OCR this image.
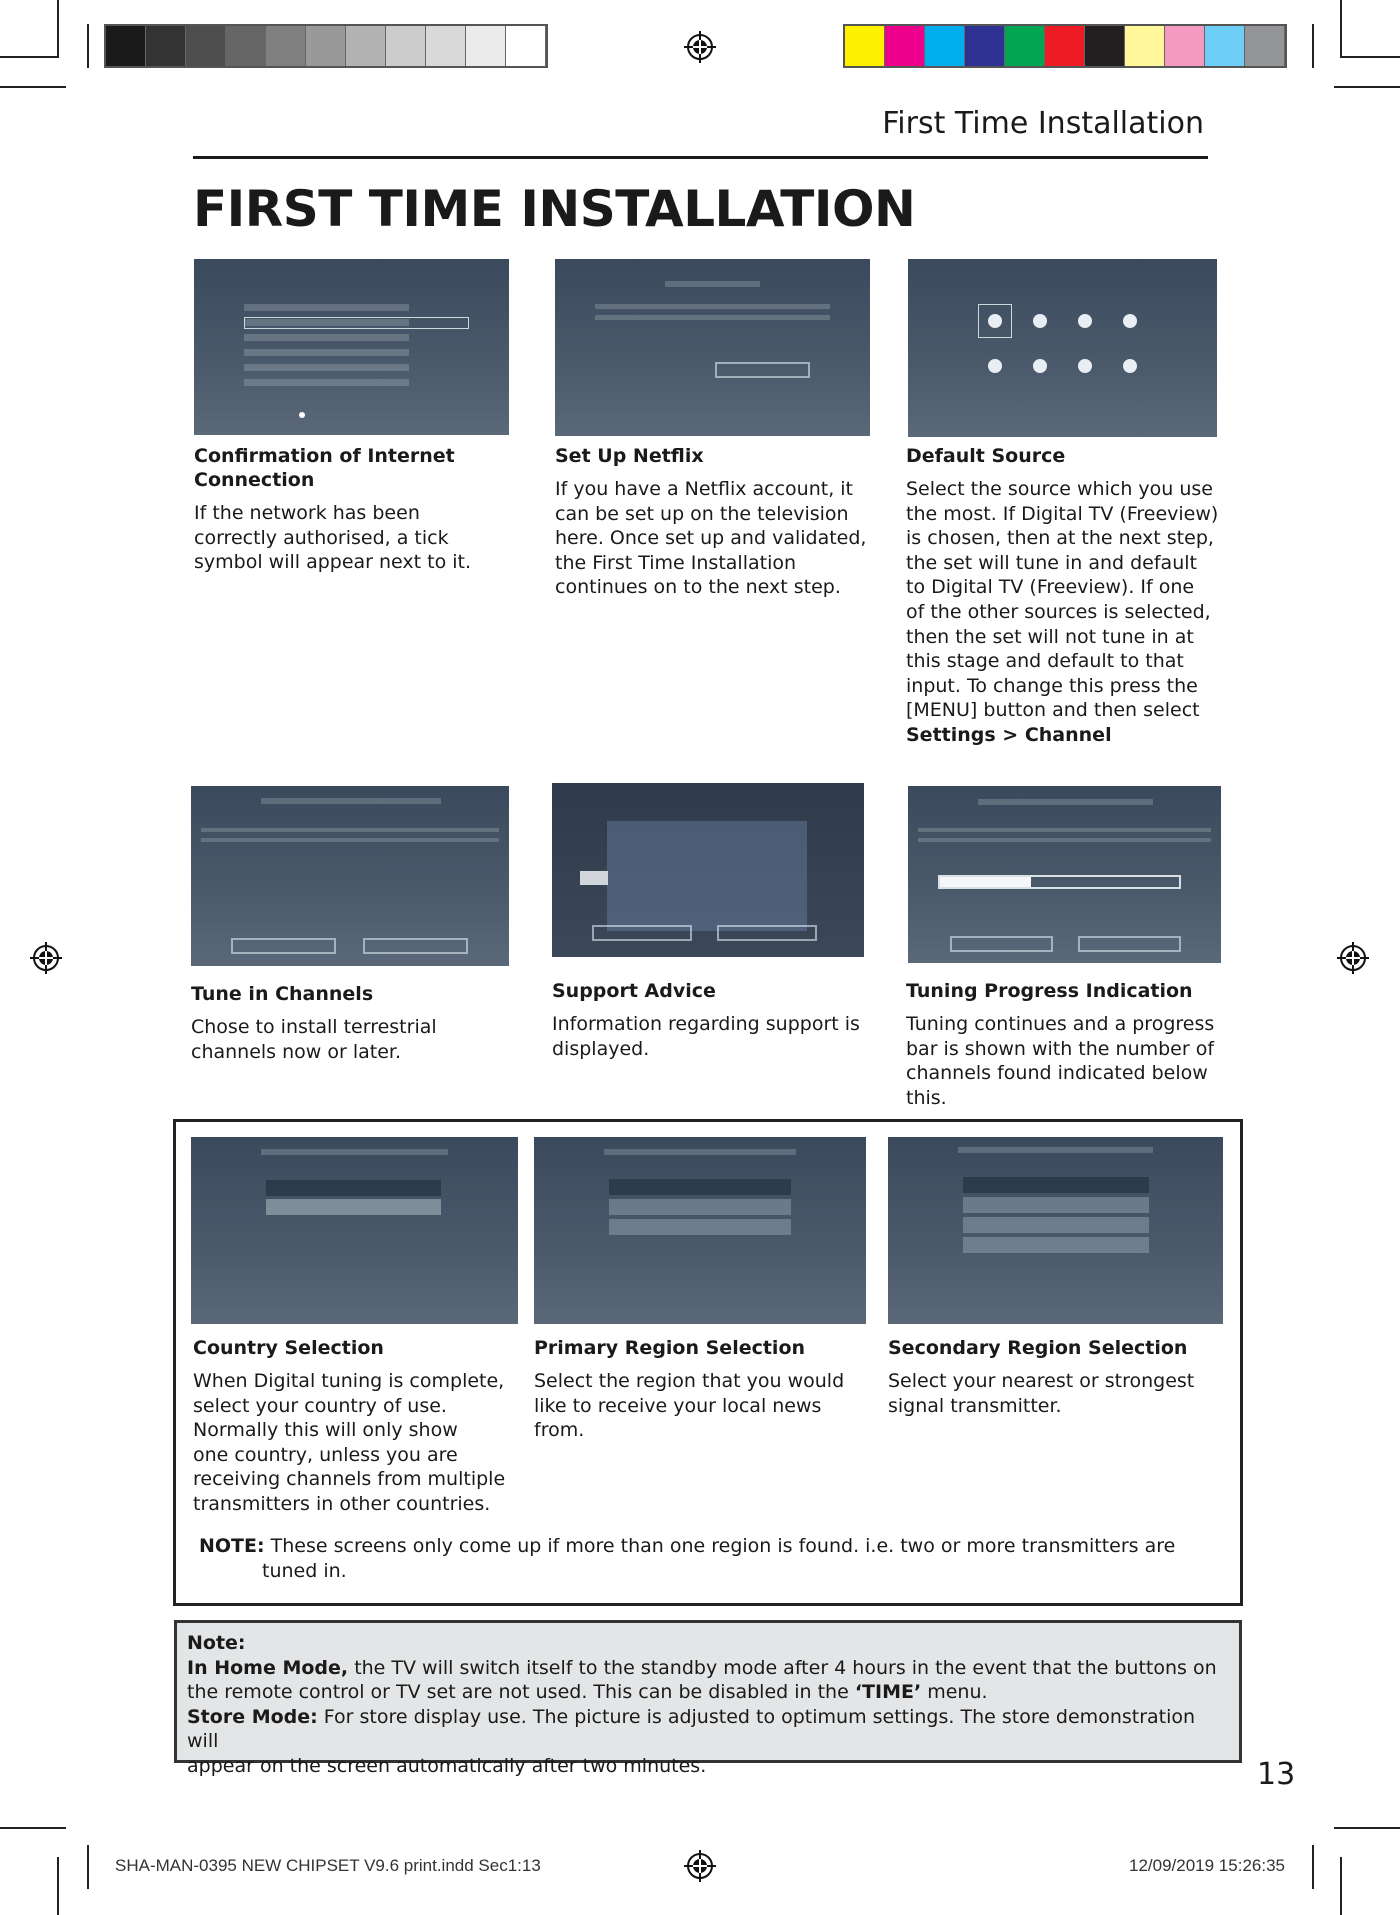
First Time Installation
FIRST TIME INSTALLATION
Confirmation of Internet
Connection
If the network has been
correctly authorised, a tick
symbol will appear next to it.
Set Up Netflix
If you have a Netflix account, it
can be set up on the television
here. Once set up and validated,
the First Time Installation
continues on to the next step.
Default Source
Select the source which you use
the most. If Digital TV (Freeview)
is chosen, then at the next step,
the set will tune in and default
to Digital TV (Freeview). If one
of the other sources is selected,
then the set will not tune in at
this stage and default to that
input. To change this press the
[MENU] button and then select
Settings > Channel
Tune in Channels
Chose to install terrestrial
channels now or later.
Support Advice
Information regarding support is
displayed.
Tuning Progress Indication
Tuning continues and a progress
bar is shown with the number of
channels found indicated below
this.
Country Selection
When Digital tuning is complete,
select your country of use.
Normally this will only show
one country, unless you are
receiving channels from multiple
transmitters in other countries.
Primary Region Selection
Select the region that you would
like to receive your local news
from.
Secondary Region Selection
Select your nearest or strongest
signal transmitter.
NOTE: These screens only come up if more than one region is found. i.e. two or more transmitters are
tuned in.
Note:
In Home Mode, the TV will switch itself to the standby mode after 4 hours in the event that the buttons on
the remote control or TV set are not used. This can be disabled in the ‘TIME’ menu.
Store Mode: For store display use. The picture is adjusted to optimum settings. The store demonstration will
appear on the screen automatically after two minutes.	13
SHA-MAN-0395 NEW CHIPSET V9.6 print.indd Sec1:13	12/09/2019 15:26:35
